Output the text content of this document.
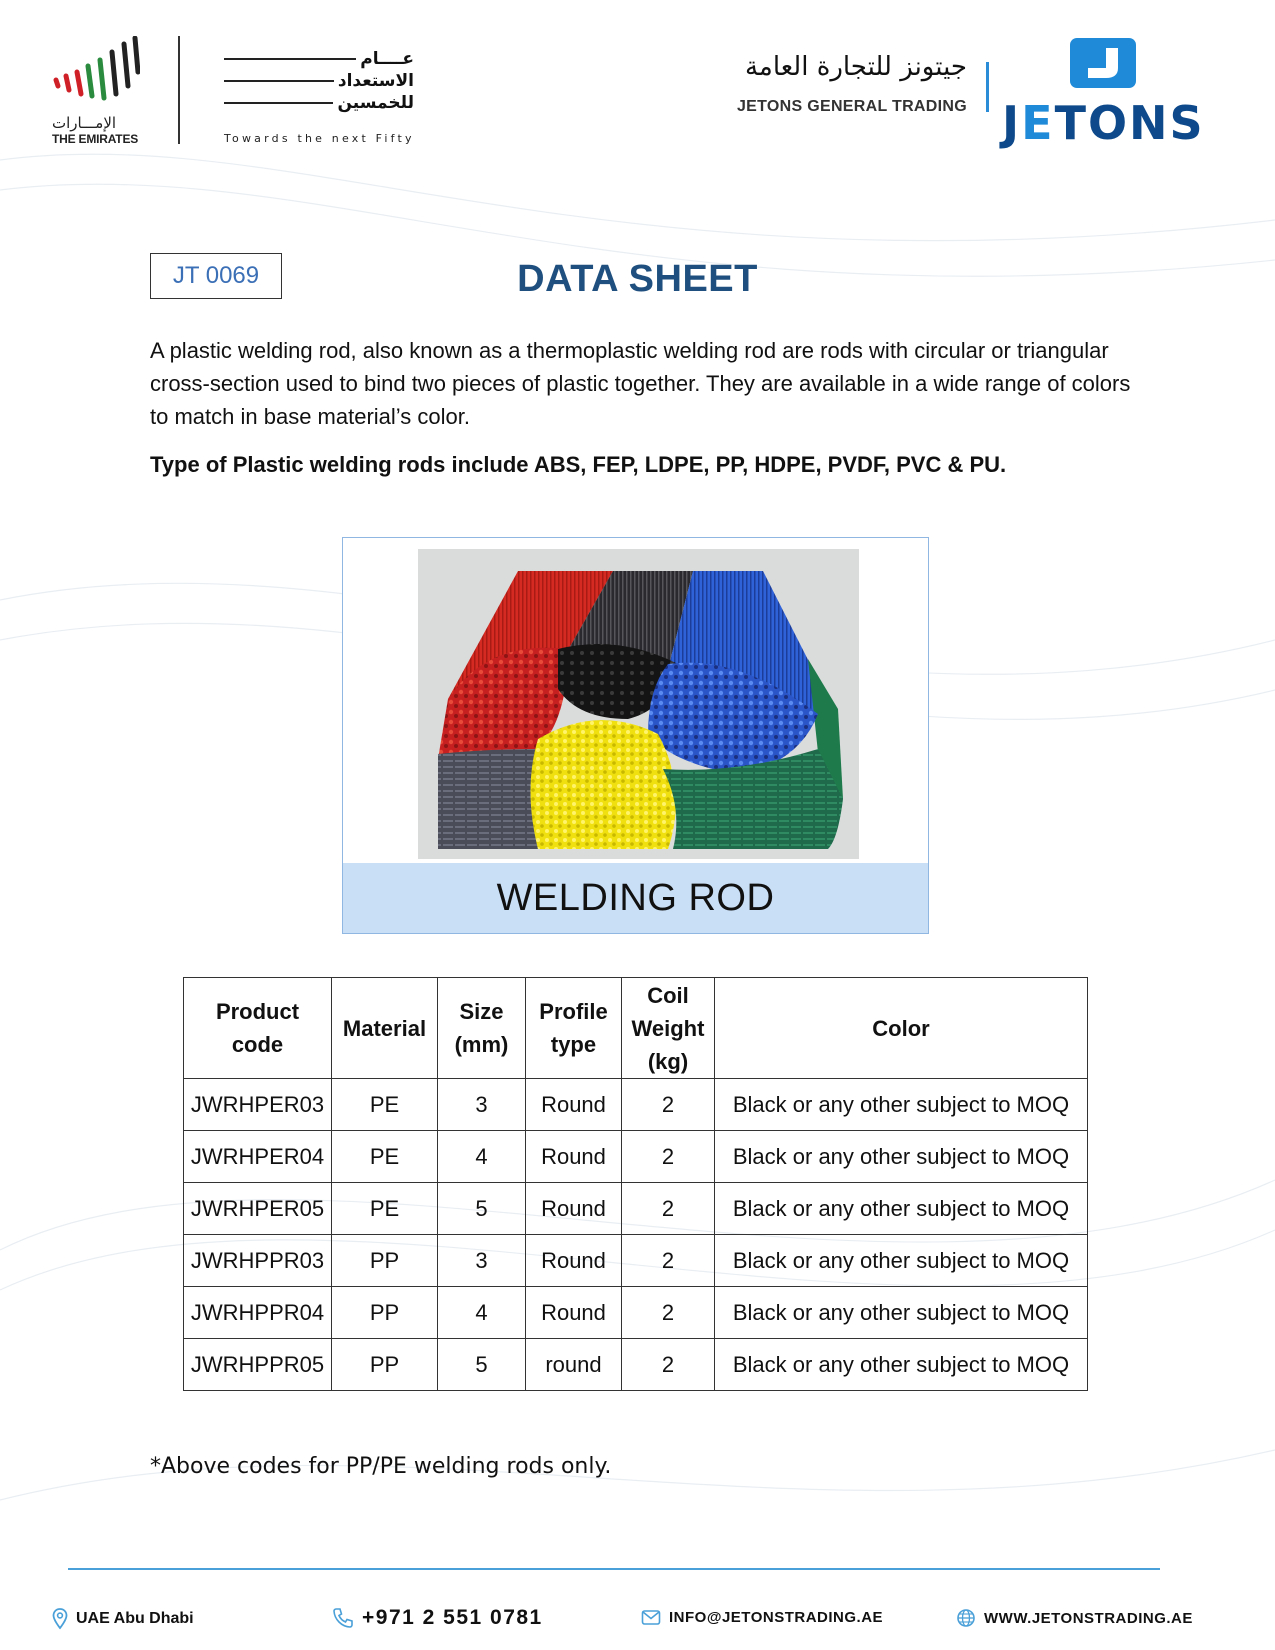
الإمـــارات
THE EMIRATES
عــــام
الاستعداد
للخمسين
Towards the next Fifty
جيتونز للتجارة العامة
JETONS GENERAL TRADING JETONS
JT 0069	DATA SHEET
A plastic welding rod, also known as a thermoplastic welding rod are rods with circular or triangular cross-section used to bind two pieces of plastic together. They are available in a wide range of colors to match in base material’s color.
Type of Plastic welding rods include ABS, FEP, LDPE, PP, HDPE, PVDF, PVC & PU.
WELDING ROD
Product code	Material	Size (mm)	Profile type	Coil Weight (kg)	Color
JWRHPER03	PE	3	Round	2	Black or any other subject to MOQ
JWRHPER04	PE	4	Round	2	Black or any other subject to MOQ
JWRHPER05	PE	5	Round	2	Black or any other subject to MOQ
JWRHPPR03	PP	3	Round	2	Black or any other subject to MOQ
JWRHPPR04	PP	4	Round	2	Black or any other subject to MOQ
JWRHPPR05	PP	5	round	2	Black or any other subject to MOQ
*Above codes for PP/PE welding rods only.
UAE Abu Dhabi	+971 2 551 0781	INFO@JETONSTRADING.AE	WWW.JETONSTRADING.AE
